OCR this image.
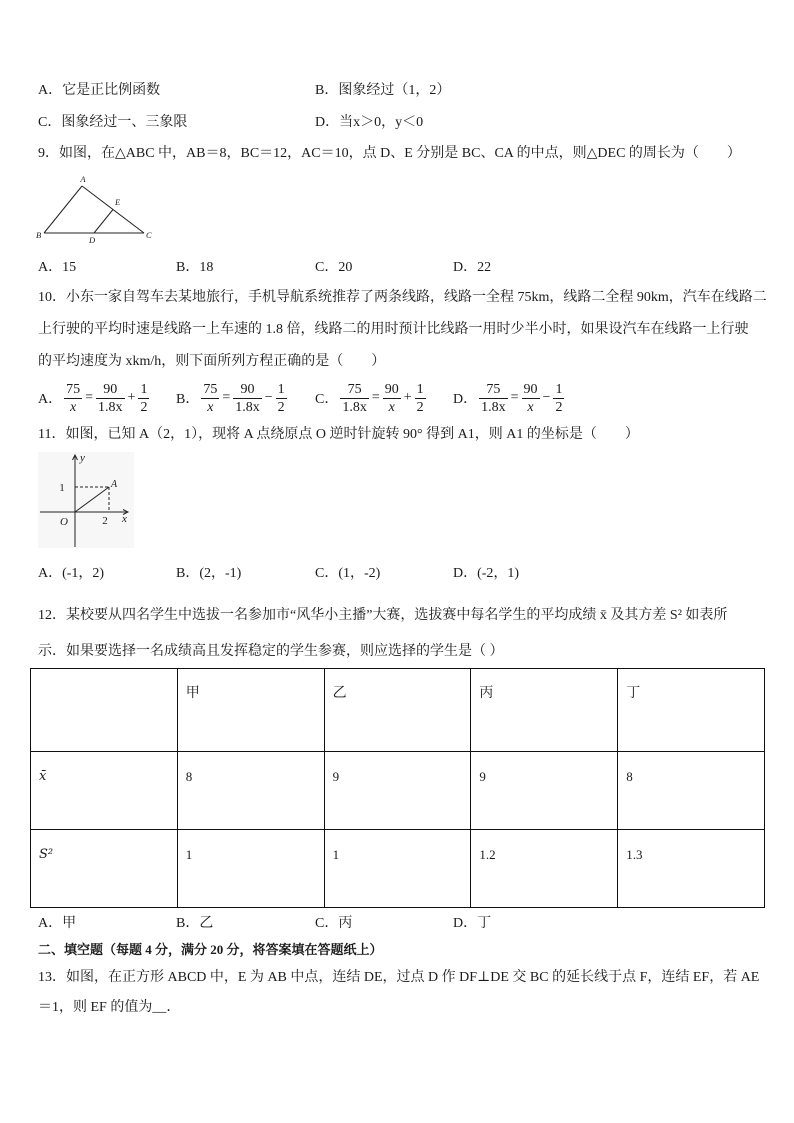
A．它是正比例函数	B．图象经过（1，2）
C．图象经过一、三象限	D．当x＞0，y＜0
9．如图，在△ABC 中，AB＝8，BC＝12，AC＝10，点 D、E 分别是 BC、CA 的中点，则△DEC 的周长为（　　）
A
E
B	D	C
A．15	B．18	C．20	D．22
10．小东一家自驾车去某地旅行，手机导航系统推荐了两条线路，线路一全程 75km，线路二全程 90km，汽车在线路二
上行驶的平均时速是线路一上车速的 1.8 倍，线路二的用时预计比线路一用时少半小时，如果设汽车在线路一上行驶
的平均速度为 xkm/h，则下面所列方程正确的是（　　）
A． $\frac{75}{x} = \frac{90}{1.8x} + \frac{1}{2}$ B． $\frac{75}{x} = \frac{90}{1.8x} - \frac{1}{2}$ C． $\frac{75}{1.8x} = \frac{90}{x} + \frac{1}{2}$ D． $\frac{75}{1.8x} = \frac{90}{x} - \frac{1}{2}$
11．如图，已知 A（2，1），现将 A 点绕原点 O 逆时针旋转 90° 得到 A1，则 A1 的坐标是（　　）
y
1	A
O	2 x
A．(-1，2)	B．(2，-1)	C．(1，-2)	D．(-2，1)
12．某校要从四名学生中选拔一名参加市“风华小主播”大赛，选拔赛中每名学生的平均成绩 x̄ 及其方差 S² 如表所
示．如果要选择一名成绩高且发挥稳定的学生参赛，则应选择的学生是（ ）
	甲	乙	丙	丁
x̄	8	9	9	8
S²	1	1	1.2	1.3
A．甲	B．乙	C．丙	D．丁
二、填空题（每题 4 分，满分 20 分，将答案填在答题纸上）
13．如图，在正方形 ABCD 中，E 为 AB 中点，连结 DE，过点 D 作 DF⊥DE 交 BC 的延长线于点 F，连结 EF，若 AE
＝1，则 EF 的值为__．
